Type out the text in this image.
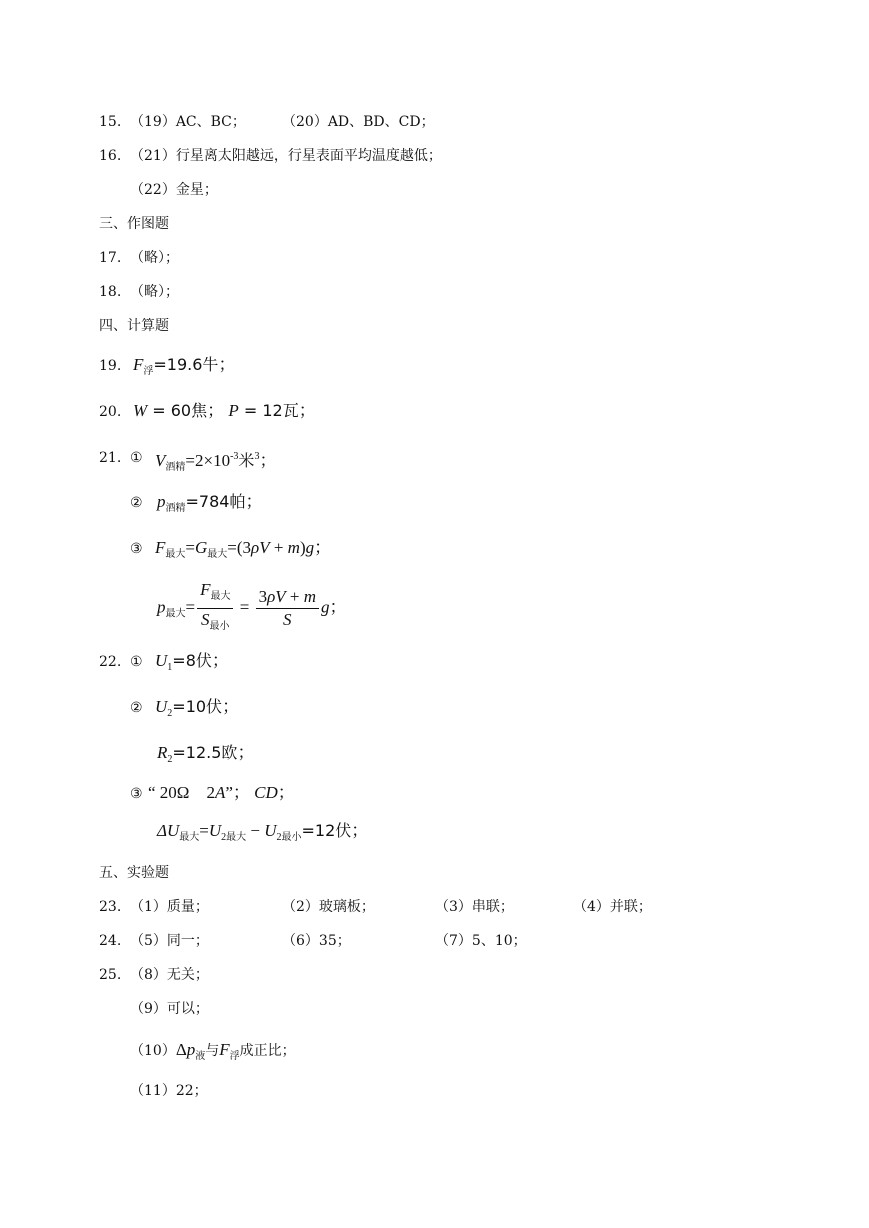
15. （19）AC、BC；	（20）AD、BD、CD；
16. （21）行星离太阳越远，行星表面平均温度越低；
（22）金星；
三、作图题
17. （略）；
18. （略）；
四、计算题
19. $F_浮=19.6$牛；
20. W = 60焦； P = 12瓦；
21. ① $V_{酒精}=2\times 10^{-3}$米$^3$；
② $p_{酒精}=784$帕；
③ $F_{最大}=G_{最大}=(3\rho V + m)g$；
$p_{最大}= \frac{F_{最大}}{S_{最小}} = \frac{3\rho V + m}{S}$ g；
22. ① $U_1=8$伏；
② $U_2=10$伏；
$R_2=12.5$欧；
③ “ 20Ω 2A”； CD；
$\Delta U_{最大}=U_{2最大} - U_{2最小}=12$伏；
五、实验题
23. （1）质量；	（2）玻璃板；	（3）串联；	（4）并联；
24. （5）同一；	（6）35；	（7）5、10；
25. （8）无关；
（9）可以；
$(10)\Delta p_液$与$F_浮$成正比；
（11）22；
